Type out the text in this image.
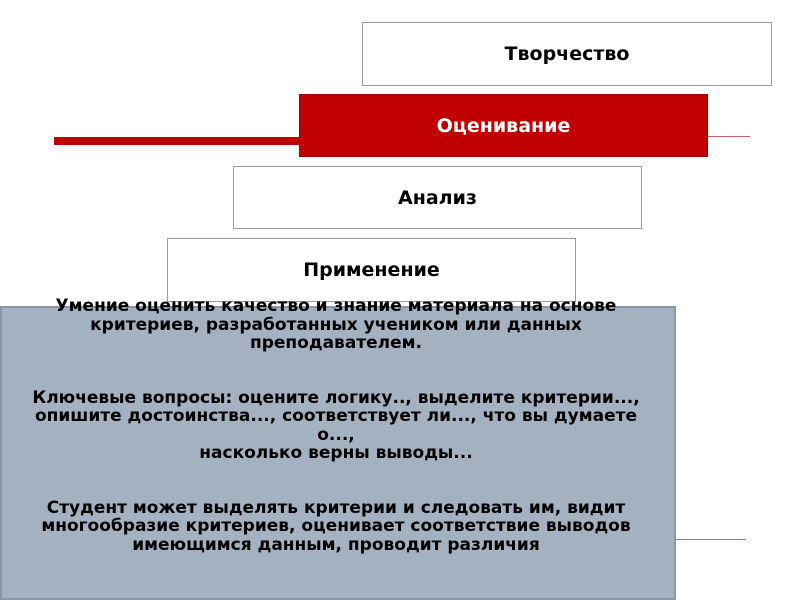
Творчество
Оценивание
Анализ
Применение

Умение оценить качество и знание материала на основе
критериев, разработанных учеником или данных преподавателем.

Ключевые вопросы: оцените логику.., выделите критерии...,
опишите достоинства..., соответствует ли..., что вы думаете о...,
насколько верны выводы...

Студент может выделять критерии и следовать им, видит
многообразие критериев, оценивает соответствие выводов имеющимся данным, проводит различия
